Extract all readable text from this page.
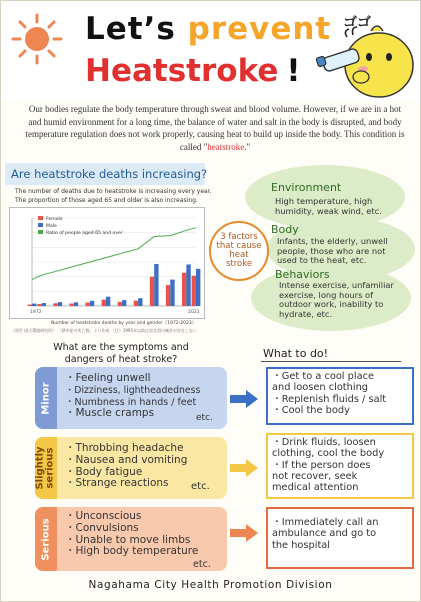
Let’s prevent
Heatstroke !
ゴゴ

Our bodies regulate the body temperature through sweat and blood volume. However, if we are in a hot and humid environment for a long time, the balance of water and salt in the body is disrupted, and body temperature regulation does not work properly, causing heat to build up inside the body. This condition is called "heatstroke."

Are heatstroke deaths increasing?
The number of deaths due to heatstroke is increasing every year.
The proportion of those aged 65 and older is also increasing.
Female
Male
Ratio of people aged 65 and over
1972	2023
Number of heatstroke deaths by year and gender（1972-2023）
（厚生 国立環境研究所） 「熱中症の死亡数」より作成 （注）1995年以前は男女別の統計が存在しない
Environment
High temperature, high
humidity, weak wind, etc.
Body
Infants, the elderly, unwell
people, those who are not
used to the heat, etc.
Behaviors
Intense exercise, unfamiliar
exercise, long hours of
outdoor work, inability to
hydrate, etc.
3 factors
that cause
heat
stroke
What are the symptoms and
dangers of heat stroke?	What to do!
Minor
・Feeling unwell
・Dizziness, lightheadedness
・Numbness in hands / feet
・Muscle cramps	etc.
・Get to a cool place
and loosen clothing
・Replenish fluids / salt
・Cool the body
Slightly serious ・Throbbing headache
・Nausea and vomiting
・Body fatigue
・Strange reactions	etc.
・Drink fluids, loosen
clothing, cool the body
・If the person does
not recover, seek
medical attention
Serious
・Unconscious
・Convulsions
・Unable to move limbs
・High body temperature
etc.
・Immediately call an
ambulance and go to
the hospital
Nagahama City Health Promotion Division
